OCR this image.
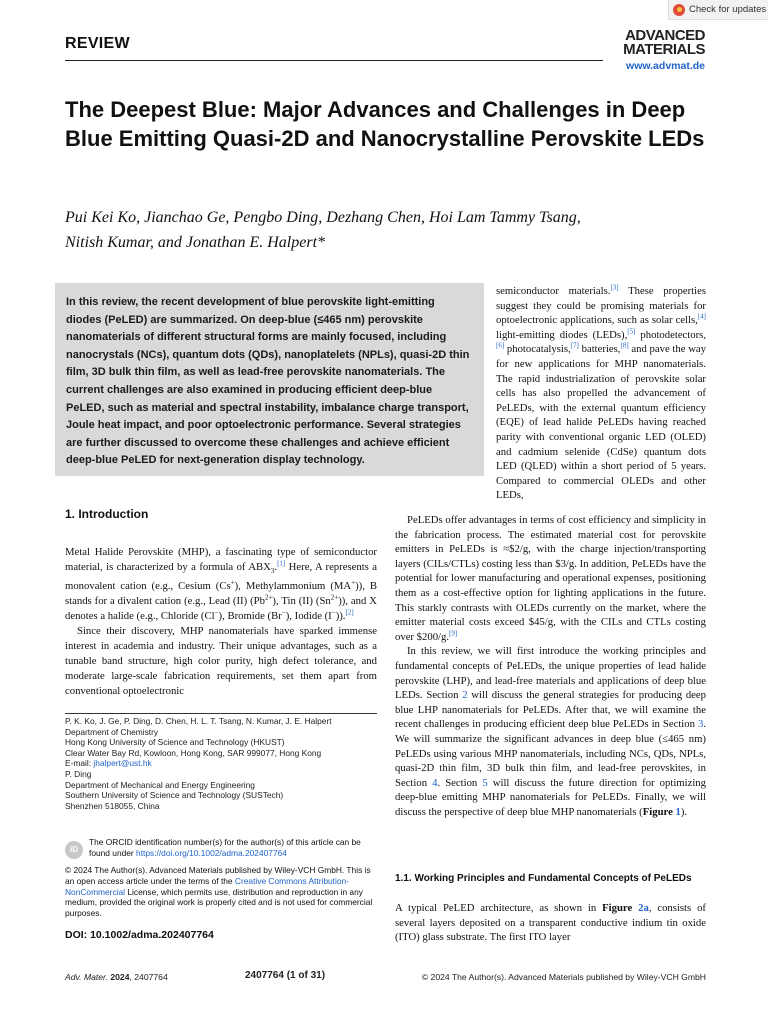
Check for updates
REVIEW	ADVANCED
MATERIALS
www.advmat.de
The Deepest Blue: Major Advances and Challenges in Deep Blue Emitting Quasi-2D and Nanocrystalline Perovskite LEDs
Pui Kei Ko, Jianchao Ge, Pengbo Ding, Dezhang Chen, Hoi Lam Tammy Tsang,
Nitish Kumar, and Jonathan E. Halpert*
In this review, the recent development of blue perovskite light-emitting diodes (PeLED) are summarized. On deep-blue (≤465 nm) perovskite nanomaterials of different structural forms are mainly focused, including nanocrystals (NCs), quantum dots (QDs), nanoplatelets (NPLs), quasi-2D thin film, 3D bulk thin film, as well as lead-free perovskite nanomaterials. The current challenges are also examined in producing efficient deep-blue PeLED, such as material and spectral instability, imbalance charge transport, Joule heat impact, and poor optoelectronic performance. Several strategies are further discussed to overcome these challenges and achieve efficient deep-blue PeLED for next-generation display technology.
1. Introduction

Metal Halide Perovskite (MHP), a fascinating type of semiconductor material, is characterized by a formula of $ABX_3.[1]$ Here, A represents a monovalent cation (e.g., Cesium (Cs+), Methylammonium (MA+)), B stands for a divalent cation (e.g., Lead (II) $(Pb^{2+})$, Tin (II) $(Sn^{2+})$), and X denotes a halide (e.g., Chloride (Cl−), Bromide (Br−), Iodide (I−)).[2]

Since their discovery, MHP nanomaterials have sparked immense interest in academia and industry. Their unique advantages, such as a tunable band structure, high color purity, high defect tolerance, and moderate large-scale fabrication requirements, set them apart from conventional optoelectronic

P. K. Ko, J. Ge, P. Ding, D. Chen, H. L. T. Tsang, N. Kumar, J. E. Halpert
Department of Chemistry
Hong Kong University of Science and Technology (HKUST)
Clear Water Bay Rd, Kowloon, Hong Kong, SAR 999077, Hong Kong
E-mail: jhalpert@ust.hk
P. Ding
Department of Mechanical and Energy Engineering
Southern University of Science and Technology (SUSTech)
Shenzhen 518055, China
iD
The ORCID identification number(s) for the author(s) of this article can be found under https://doi.org/10.1002/adma.202407764
© 2024 The Author(s). Advanced Materials published by Wiley-VCH GmbH. This is an open access article under the terms of the Creative Commons Attribution-NonCommercial License, which permits use, distribution and reproduction in any medium, provided the original work is properly cited and is not used for commercial purposes.
DOI: 10.1002/adma.202407764
semiconductor materials.[3] These properties suggest they could be promising materials for optoelectronic applications, such as solar cells,[4] light-emitting diodes (LEDs),[5] photodetectors,[6] photocatalysis,[7] batteries,[8] and pave the way for new applications for MHP nanomaterials. The rapid industrialization of perovskite solar cells has also propelled the advancement of PeLEDs, with the external quantum efficiency (EQE) of lead halide PeLEDs having reached parity with conventional organic LED (OLED) and cadmium selenide (CdSe) quantum dots LED (QLED) within a short period of 5 years. Compared to commercial OLEDs and other LEDs,

PeLEDs offer advantages in terms of cost efficiency and simplicity in the fabrication process. The estimated material cost for perovskite emitters in PeLEDs is ≈$2/g, with the charge injection/transporting layers (CILs/CTLs) costing less than $3/g. In addition, PeLEDs have the potential for lower manufacturing and operational expenses, positioning them as a cost-effective option for lighting applications in the future. This starkly contrasts with OLEDs currently on the market, where the emitter material costs exceed $45/g, with the CILs and CTLs costing over $200/g.[9]

In this review, we will first introduce the working principles and fundamental concepts of PeLEDs, the unique properties of lead halide perovskite (LHP), and lead-free materials and applications of deep blue LEDs. Section 2 will discuss the general strategies for producing deep blue LHP nanomaterials for PeLEDs. After that, we will examine the recent challenges in producing efficient deep blue PeLEDs in Section 3. We will summarize the significant advances in deep blue (≤465 nm) PeLEDs using various MHP nanomaterials, including NCs, QDs, NPLs, quasi-2D thin film, 3D bulk thin film, and lead-free perovskites, in Section 4. Section 5 will discuss the future direction for optimizing deep-blue emitting MHP nanomaterials for PeLEDs. Finally, we will discuss the perspective of deep blue MHP nanomaterials (Figure 1).

1.1. Working Principles and Fundamental Concepts of PeLEDs
A typical PeLED architecture, as shown in Figure 2a, consists of several layers deposited on a transparent conductive indium tin oxide (ITO) glass substrate. The first ITO layer
Adv. Mater. 2024, 2407764	2407764 (1 of 31)	© 2024 The Author(s). Advanced Materials published by Wiley-VCH GmbH
